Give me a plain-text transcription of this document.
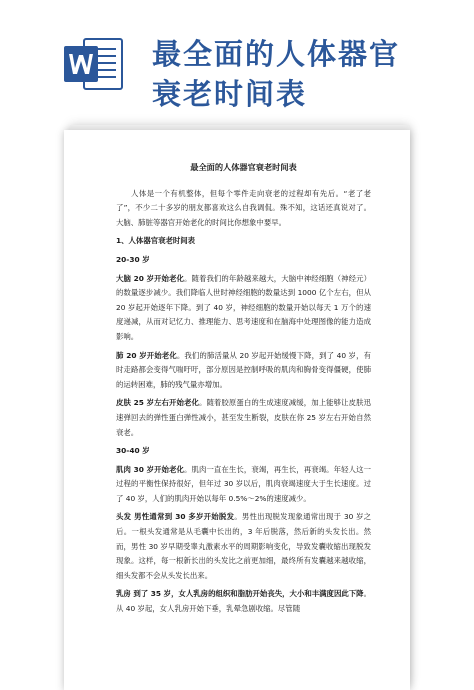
最全面的人体器官
衰老时间表

最全面的人体器官衰老时间表

人体是一个有机整体，但每个零件走向衰老的过程却有先后。“老了老了”，不少二十多岁的朋友都喜欢这么自我调侃。殊不知，这话还真说对了。大脑、肺脏等器官开始老化的时间比你想象中要早。

1、人体器官衰老时间表

20-30 岁

大脑 20 岁开始老化。随着我们的年龄越来越大，大脑中神经细胞（神经元）的数量逐步减少。我们降临人世时神经细胞的数量达到 1000 亿个左右，但从 20 岁起开始逐年下降。到了 40 岁，神经细胞的数量开始以每天 1 万个的速度递减，从而对记忆力、推理能力、思考速度和在脑海中处理图像的能力造成影响。

肺 20 岁开始老化。我们的肺活量从 20 岁起开始缓慢下降，到了 40 岁，有时走路都会变得气喘吁吁，部分原因是控制呼吸的肌肉和胸骨变得僵硬，使肺的运转困难，肺的残气量亦增加。

皮肤 25 岁左右开始老化。随着胶原蛋白的生成速度减缓，加上能够让皮肤迅速弹回去的弹性蛋白弹性减小，甚至发生断裂，皮肤在你 25 岁左右开始自然衰老。

30-40 岁

肌肉 30 岁开始老化。肌肉一直在生长，衰竭，再生长，再衰竭。年轻人这一过程的平衡性保持很好，但年过 30 岁以后，肌肉衰竭速度大于生长速度。过了 40 岁，人们的肌肉开始以每年 0.5%～2%的速度减少。

头发 男性通常到 30 多岁开始脱发。男性出现脱发现象通常出现于 30 岁之后。一根头发通常是从毛囊中长出的，3 年后脱落，然后新的头发长出。然而，男性 30 岁早期受睾丸激素水平的周期影响变化，导致发囊收缩出现脱发现象。这样，每一根新长出的头发比之前更加细，最终所有发囊越来越收缩，细头发都不会从头发长出来。

乳房 到了 35 岁，女人乳房的组织和脂肪开始丧失，大小和丰满度因此下降。从 40 岁起，女人乳房开始下垂，乳晕急剧收缩。尽管随
